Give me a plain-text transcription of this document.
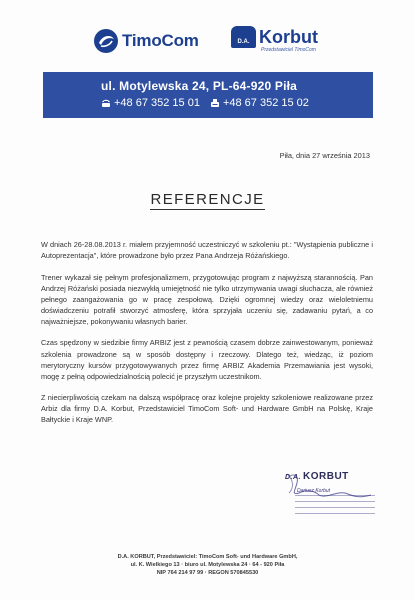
TimoCom	D.A. Korbut
Przedstawiciel TimoCom
ul. Motylewska 24, PL-64-920 Piła
+48 67 352 15 01 +48 67 352 15 02
Piła, dnia 27 września 2013
REFERENCJE

W dniach 26-28.08.2013 r. miałem przyjemność uczestniczyć w szkoleniu pt.: "Wystąpienia publiczne i Autoprezentacja", które prowadzone było przez Pana Andrzeja Różańskiego.

Trener wykazał się pełnym profesjonalizmem, przygotowując program z najwyższą starannością. Pan Andrzej Różański posiada niezwykłą umiejętność nie tylko utrzymywania uwagi słuchacza, ale również pełnego zaangażowania go w pracę zespołową. Dzięki ogromnej wiedzy oraz wieloletniemu doświadczeniu potrafił stworzyć atmosferę, która sprzyjała uczeniu się, zadawaniu pytań, a co najważniejsze, pokonywaniu własnych barier.

Czas spędzony w siedzibie firmy ARBIZ jest z pewnością czasem dobrze zainwestowanym, ponieważ szkolenia prowadzone są w sposób dostępny i rzeczowy. Dlatego też, wiedząc, iż poziom merytoryczny kursów przygotowywanych przez firmę ARBIZ Akademia Przemawiania jest wysoki, mogę z pełną odpowiedzialnością polecić je przyszłym uczestnikom.

Z niecierpliwością czekam na dalszą współpracę oraz kolejne projekty szkoleniowe realizowane przez Arbiz dla firmy D.A. Korbut, Przedstawiciel TimoCom Soft- und Hardware GmbH na Polskę, Kraje Bałtyckie i Kraje WNP.

D.A. KORBUT
Dariusz Korbut
D.A. KORBUT, Przedstawiciel: TimoCom Soft- und Hardware GmbH,
ul. K. Wielkiego 13 · biuro ul. Motylewska 24 · 64 - 920 Piła
NIP 764 214 97 99 · REGON 570845530
